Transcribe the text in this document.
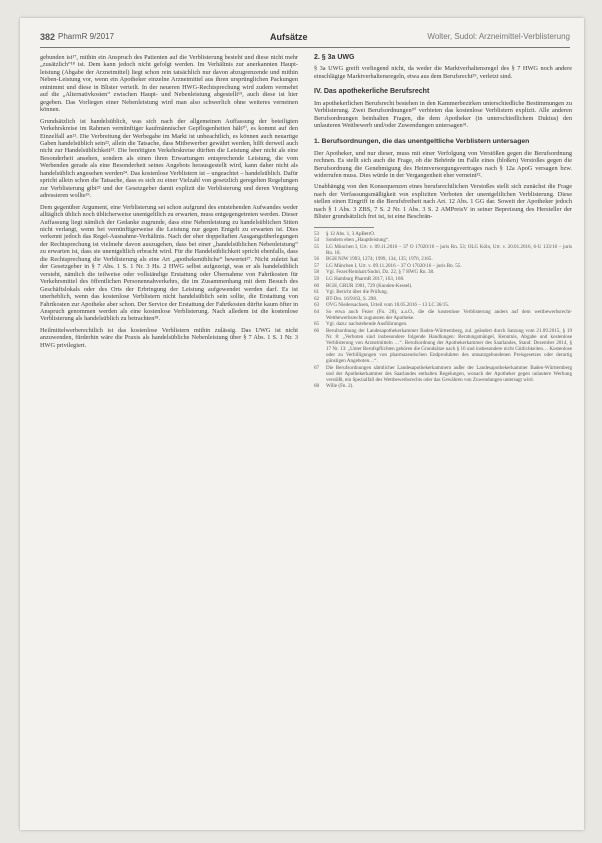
382 PharmR 9/2017	Aufsätze	Wolter, Sudol: Arzneimittel-Verblisterung

gebunden ist¹⁷, mithin ein Anspruch des Patienten auf die Verblisterung besteht und diese nicht mehr „zusätzlich“¹⁸ ist. Dem kann jedoch nicht gefolgt werden. Im Verhältnis zur anerkannten Hauptleistung (Abgabe der Arzneimittel) liegt schon rein tatsächlich nur davon abzugrenzende und mithin Neben-Leistung vor, wenn ein Apotheker einzelne Arzneimittel aus ihren ursprünglichen Packungen entnimmt und diese in Blister verteilt. In der neueren HWG-Rechtsprechung wird zudem vermehrt auf die „Alternativkosten“ zwischen Haupt- und Nebenleistung abgestellt¹⁹, auch diese ist hier gegeben. Das Vorliegen einer Nebenleistung wird man also schwerlich ohne weiteres verneinen können.

Grundsätzlich ist handelsüblich, was sich nach der allgemeinen Auffassung der beteiligten Verkehrskreise im Rahmen vernünftiger kaufmännischer Gepflogenheiten hält²⁰, es kommt auf den Einzelfall an²¹. Die Verbreitung der Werbegabe im Markt ist unbeachtlich, es können auch neuartige Gaben handelsüblich sein²², allein die Tatsache, dass Mitbewerber gewährt werden, hilft derweil auch nicht zur Handelsüblichkeit²³. Die benötigten Verkehrskreise dürften die Leistung aber nicht als eine Besonderheit ansehen, sondern als einen ihren Erwartungen entsprechende Leistung, die vom Werbenden gerade als eine Besonderheit seines Angebots herausgestellt wird, kann daher nicht als handelsüblich angesehen werden²⁴. Das kostenlose Verblistern ist – ungeachtet – handelsüblich. Dafür spricht allein schon die Tatsache, dass es sich zu einer Vielzahl von gesetzlich geregelten Regelungen zur Verblisterung gibt²⁵ und der Gesetzgeber damit explizit die Verblisterung und deren Vergütung adressieren wollte²⁶.

Dem gegenüber Argument, eine Verblisterung sei schon aufgrund des entstehenden Aufwandes weder alltäglich üblich noch üblicherweise unentgeltlich zu erwarten, muss entgegengetreten werden. Dieser Auffassung liegt nämlich der Gedanke zugrunde, dass eine Nebenleistung zu handelsüblichen Sitten nicht verlangt, wenn bei vernünftigerweise die Leistung nur gegen Entgelt zu erwarten ist. Dies verkennt jedoch das Regel-Ausnahme-Verhältnis. Nach der eher doppeltaften Ausgangsüberlegungen der Rechtsprechung ist vielmehr davon auszugehen, dass bei einer „handelsüblichen Nebenleistung“ zu erwarten ist, dass sie unentgeltlich erbracht wird. Für die Handelsüblichkeit spricht ebenfalls, dass die Rechtsprechung die Verblisterung als eine Art „apothekenübliche“ bewertet²⁷. Nicht zuletzt hat der Gesetzgeber in § 7 Abs. 1 S. 1 Nr. 3 Hs. 2 HWG selbst aufgezeigt, was er als handelsüblich versteht, nämlich die teilweise oder vollständige Erstattung oder Übernahme von Fahrtkosten für Verkehrsmittel des öffentlichen Personennahverkehrs, die im Zusammenhang mit dem Besuch des Geschäftslokals oder des Orts der Erbringung der Leistung aufgewendet werden darf. Es ist unerheblich, wenn das kostenlose Verblistern nicht handelsüblich sein sollte, die Erstattung von Fahrtkosten zur Apotheke aber schon. Der Service der Erstattung der Fahrtkosten dürfte kaum öfter in Anspruch genommen werden als eine kostenlose Verblisterung. Nach alledem ist die kostenlose Verblisterung als handelsüblich zu betrachten²⁸.

Heilmittelwerberechtlich ist das kostenlose Verblistern mithin zulässig. Das UWG ist nicht anzuwenden, fürderhin wäre die Praxis als handelsübliche Nebenleistung über § 7 Abs. 1 S. 1 Nr. 3 HWG privilegiert.

2. § 3a UWG

§ 3a UWG greift vorliegend nicht, da weder die Marktverhaltensregel des § 7 HWG noch andere einschlägige Marktverhaltensregeln, etwa aus dem Berufsrecht²⁹, verletzt sind.

IV. Das apothekerliche Berufsrecht

Im apothekerlichen Berufsrecht bestehen in den Kammerbezirken unterschiedliche Bestimmungen zu Verblisterung. Zwei Berufsordnungen³⁰ verbieten das kostenlose Verblistern explizit. Alle anderen Berufsordnungen beinhalten Fragen, die dem Apotheker (in unterschiedlichem Duktus) den unlauteren Wettbewerb und/oder Zuwendungen untersagen³¹.

1. Berufsordnungen, die das unentgeltliche Verblistern untersagen

Der Apotheker, und nur dieser, muss mit einer Verfolgung von Verstößen gegen die Berufsordnung rechnen. Es stellt sich auch die Frage, ob die Behörde im Falle eines (bloßen) Verstoßes gegen die Berufsordnung die Genehmigung des Heimversorgungsvertrages nach § 12a ApoG versagen bzw. widerrufen muss. Dies würde in der Vergangenheit eher verneint³².

Unabhängig von den Konsequenzen eines berufsrechtlichen Verstoßes stellt sich zunächst die Frage nach der Verfassungsmäßigkeit von expliziten Verboten der unentgeltlichen Verblisterung. Diese stellen einen Eingriff in die Berufsfreiheit nach Art. 12 Abs. 1 GG dar. Soweit der Apotheker jedoch nach § 1 Abs. 3 ZBS, 7 S. 2 Nr. 1 Abs. 3 S. 2 AMPreisV in seiner Bepreisung des Hersteller der Blister grundsätzlich frei ist, ist eine Beschrän-

53	§ 12 Abs. 1, 3 ApBetrO.
54	Sondern eben „Hauptleistung“.
55	LG München I, Urt. v. 09.11.2016 – 37 O 17020/16 – juris Rn. 53; OLG Köln, Urt. v. 20.01.2016, 6-U 133/16 – juris Rn. 18.
56	BGH NJW 1993, 1274; 1999, 134, 135; 1976, 2165.
57	LG München I, Urt. v. 09.11.2016 – 37 O 17020/16 – juris Rn. 55.
58	Vgl. Fezer/Reinhart/Sudol, Dz. 22, § 7 HWG Rn. 38.
59	LG Hamburg PharmR 2017, 163, 168.
60	BGH, GRUR 1981, 729 (Kunden-Kessel).
61	Vgl. Bericht über die Prüfung.
62	BT-Drs. 16/9163, S. 298.
63	OVG Niedersachsen, Urteil vom 18.05.2016 – 13 LC 36/15.
64	So etwa auch Fezer (Fn. 28), a.a.O., die die kostenlose Verblisterung anders auf dem wettbewerbsrecht-Wettbewerbsrecht zugunsten der Apotheke.
65	Vgl. dazu: nachstehende Ausführungen.
66	Berufsordnung der Landesapothekerkammer Baden-Württemberg, zul. geändert durch Satzung vom 21.09.2015, § 19 Nr. 8: „Verboten sind insbesondere folgende Handlungen: Beratungsmängel, Kenntnis, Abgabe und kostenlose Verblisterung von Arzneimitteln …“. Berufsordnung der Apothekerkammer des Saarlandes, Stand: Dezember 2014, § 17 Nr. 13: „Unter Berufspflichten gehören die Grundsätze nach § 16 und insbesondere nicht Gütlichkeiten… Kostenlose oder zu Verbilligungen von pharmazeutischen Endprodukten des umsatzgebundenen Preisgesetzes oder derartig günstigen Angeboten…“.
67	Die Berufsordnungen sämtlicher Landesapothekerkammern außer der Landesapothekerkammer Baden-Württemberg und der Apothekerkammer des Saarlandes enthalten Regelungen, wonach der Apotheker gegen unlautere Werbung verstößt, ein Spezialfall des Wettbewerbsrechts oder das Gewähren von Zuwendungen untersagt wird.
68	Wille (Fn. 2).
